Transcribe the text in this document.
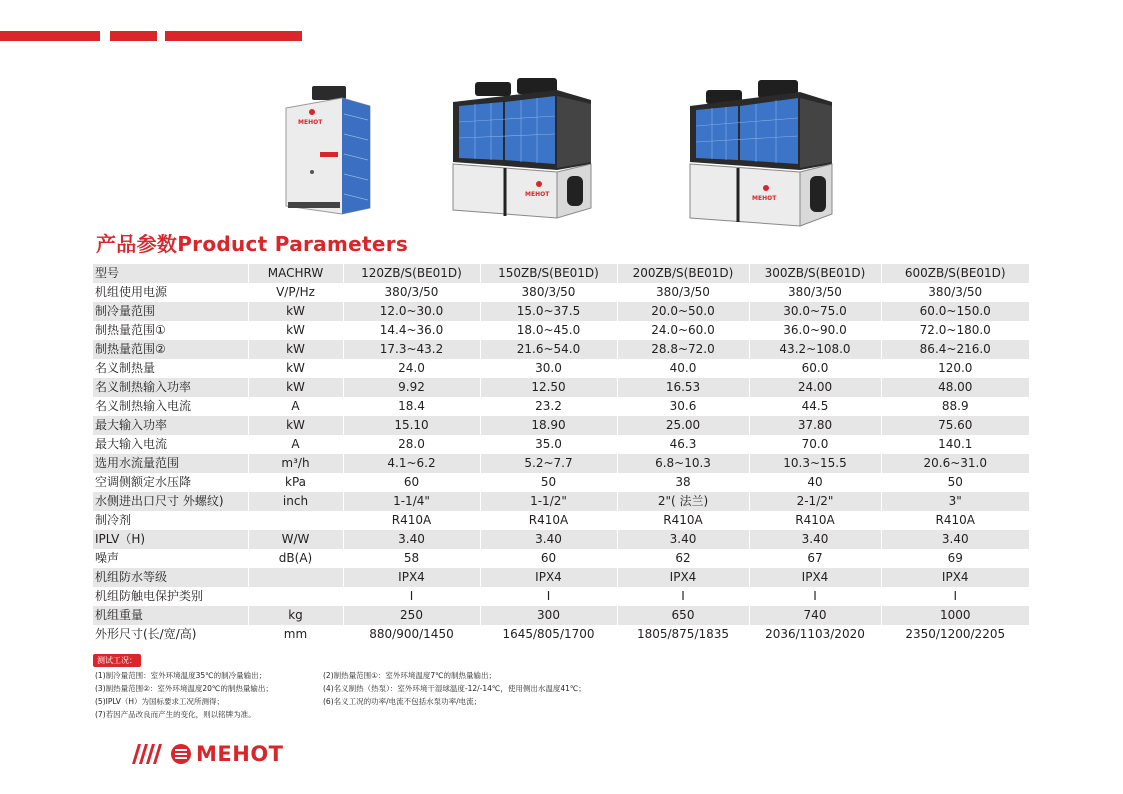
MEHOT
MEHOT
MEHOT
产品参数Product Parameters
型号	MACHRW	120ZB/S(BE01D)	150ZB/S(BE01D)	200ZB/S(BE01D)	300ZB/S(BE01D)	600ZB/S(BE01D)
机组使用电源	V/P/Hz	380/3/50	380/3/50	380/3/50	380/3/50	380/3/50
制冷量范围	kW	12.0~30.0	15.0~37.5	20.0~50.0	30.0~75.0	60.0~150.0
制热量范围①	kW	14.4~36.0	18.0~45.0	24.0~60.0	36.0~90.0	72.0~180.0
制热量范围②	kW	17.3~43.2	21.6~54.0	28.8~72.0	43.2~108.0	86.4~216.0
名义制热量	kW	24.0	30.0	40.0	60.0	120.0
名义制热输入功率	kW	9.92	12.50	16.53	24.00	48.00
名义制热输入电流	A	18.4	23.2	30.6	44.5	88.9
最大输入功率	kW	15.10	18.90	25.00	37.80	75.60
最大输入电流	A	28.0	35.0	46.3	70.0	140.1
选用水流量范围	m³/h	4.1~6.2	5.2~7.7	6.8~10.3	10.3~15.5	20.6~31.0
空调侧额定水压降	kPa	60	50	38	40	50
水侧进出口尺寸 外螺纹)	inch	1-1/4"	1-1/2"	2"( 法兰)	2-1/2"	3"
制冷剂		R410A	R410A	R410A	R410A	R410A
IPLV（H)	W/W	3.40	3.40	3.40	3.40	3.40
噪声	dB(A)	58	60	62	67	69
机组防水等级		IPX4	IPX4	IPX4	IPX4	IPX4
机组防触电保护类别		I	I	I	I	I
机组重量	kg	250	300	650	740	1000
外形尺寸(长/宽/高)	mm	880/900/1450	1645/805/1700	1805/875/1835	2036/1103/2020	2350/1200/2205
测试工况：
(1)制冷量范围：室外环境温度35℃的制冷量输出；	(2)制热量范围①：室外环境温度7℃的制热量输出；
(3)制热量范围②：室外环境温度20℃的制热量输出；	(4)名义制热（热泵）：室外环境干湿球温度-12/-14℃，使用侧出水温度41℃；
(5)IPLV（H）为国标要求工况所测得；	(6)名义工况的功率/电流不包括水泵功率/电流；
(7)若因产品改良而产生的变化，则以铭牌为准。
MEHOT
